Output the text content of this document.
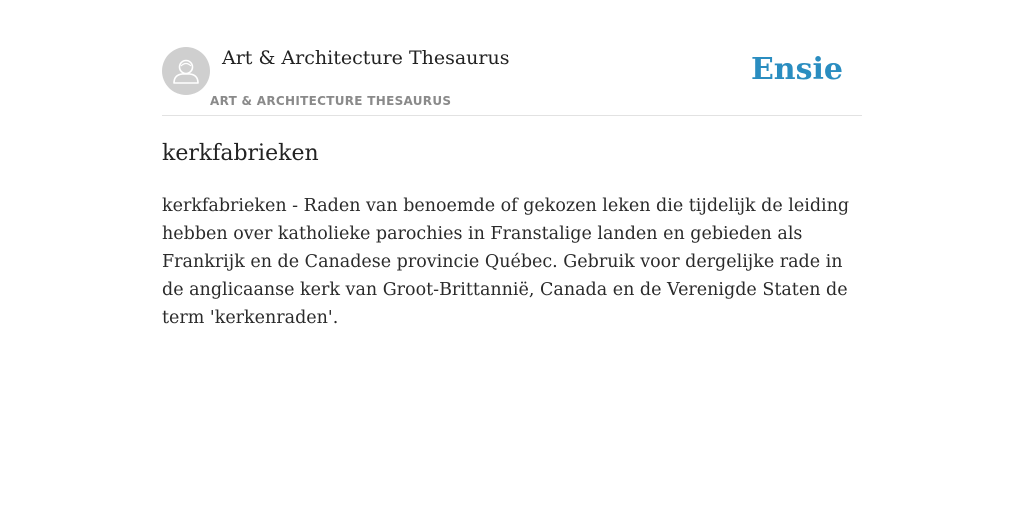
Art & Architecture Thesaurus
ART & ARCHITECTURE THESAURUS
Ensie
kerkfabrieken

kerkfabrieken - Raden van benoemde of gekozen leken die tijdelijk de leiding hebben over katholieke parochies in Franstalige landen en gebieden als Frankrijk en de Canadese provincie Québec. Gebruik voor dergelijke rade in de anglicaanse kerk van Groot-Brittannië, Canada en de Verenigde Staten de term 'kerkenraden'.
